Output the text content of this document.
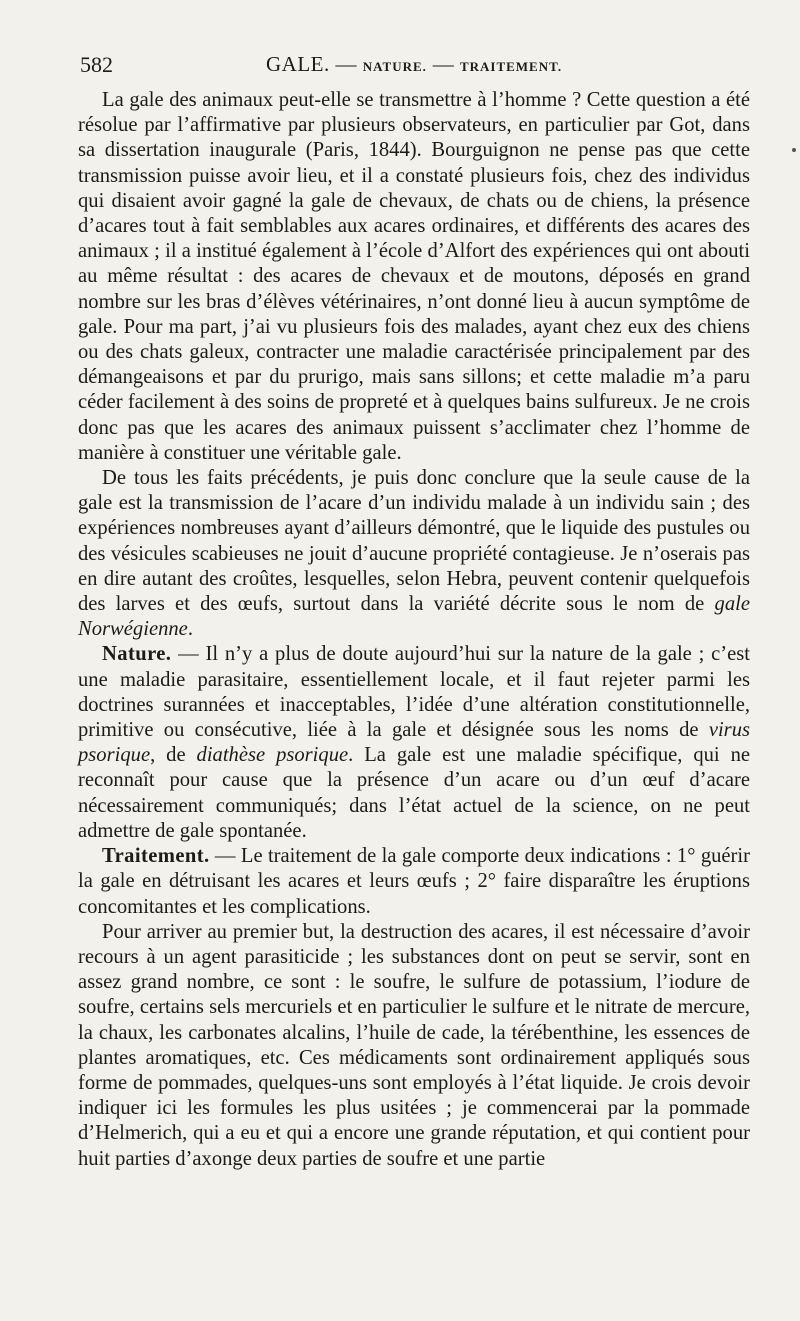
582	GALE. — NATURE. — TRAITEMENT.

La gale des animaux peut-elle se transmettre à l’homme ? Cette question a été résolue par l’affirmative par plusieurs observateurs, en particulier par Got, dans sa dissertation inaugurale (Paris, 1844). Bourguignon ne pense pas que cette transmission puisse avoir lieu, et il a constaté plusieurs fois, chez des individus qui disaient avoir gagné la gale de chevaux, de chats ou de chiens, la présence d’acares tout à fait semblables aux acares ordinaires, et différents des acares des animaux ; il a institué également à l’école d’Alfort des expériences qui ont abouti au même résultat : des acares de chevaux et de moutons, déposés en grand nombre sur les bras d’élèves vétérinaires, n’ont donné lieu à aucun symptôme de gale. Pour ma part, j’ai vu plusieurs fois des malades, ayant chez eux des chiens ou des chats galeux, contracter une maladie caractérisée principalement par des démangeaisons et par du prurigo, mais sans sillons; et cette maladie m’a paru céder facilement à des soins de propreté et à quelques bains sulfureux. Je ne crois donc pas que les acares des animaux puissent s’acclimater chez l’homme de manière à constituer une véritable gale.

De tous les faits précédents, je puis donc conclure que la seule cause de la gale est la transmission de l’acare d’un individu malade à un individu sain ; des expériences nombreuses ayant d’ailleurs démontré, que le liquide des pustules ou des vésicules scabieuses ne jouit d’aucune propriété contagieuse. Je n’oserais pas en dire autant des croûtes, lesquelles, selon Hebra, peuvent contenir quelquefois des larves et des œufs, surtout dans la variété décrite sous le nom de gale Norwégienne.

Nature. — Il n’y a plus de doute aujourd’hui sur la nature de la gale ; c’est une maladie parasitaire, essentiellement locale, et il faut rejeter parmi les doctrines surannées et inacceptables, l’idée d’une altération constitutionnelle, primitive ou consécutive, liée à la gale et désignée sous les noms de virus psorique, de diathèse psorique. La gale est une maladie spécifique, qui ne reconnaît pour cause que la présence d’un acare ou d’un œuf d’acare nécessairement communiqués; dans l’état actuel de la science, on ne peut admettre de gale spontanée.

Traitement. — Le traitement de la gale comporte deux indications : 1° guérir la gale en détruisant les acares et leurs œufs ; 2° faire disparaître les éruptions concomitantes et les complications.

Pour arriver au premier but, la destruction des acares, il est nécessaire d’avoir recours à un agent parasiticide ; les substances dont on peut se servir, sont en assez grand nombre, ce sont : le soufre, le sulfure de potassium, l’iodure de soufre, certains sels mercuriels et en particulier le sulfure et le nitrate de mercure, la chaux, les carbonates alcalins, l’huile de cade, la térébenthine, les essences de plantes aromatiques, etc. Ces médicaments sont ordinairement appliqués sous forme de pommades, quelques-uns sont employés à l’état liquide. Je crois devoir indiquer ici les formules les plus usitées ; je commencerai par la pommade d’Helmerich, qui a eu et qui a encore une grande réputation, et qui contient pour huit parties d’axonge deux parties de soufre et une partie
